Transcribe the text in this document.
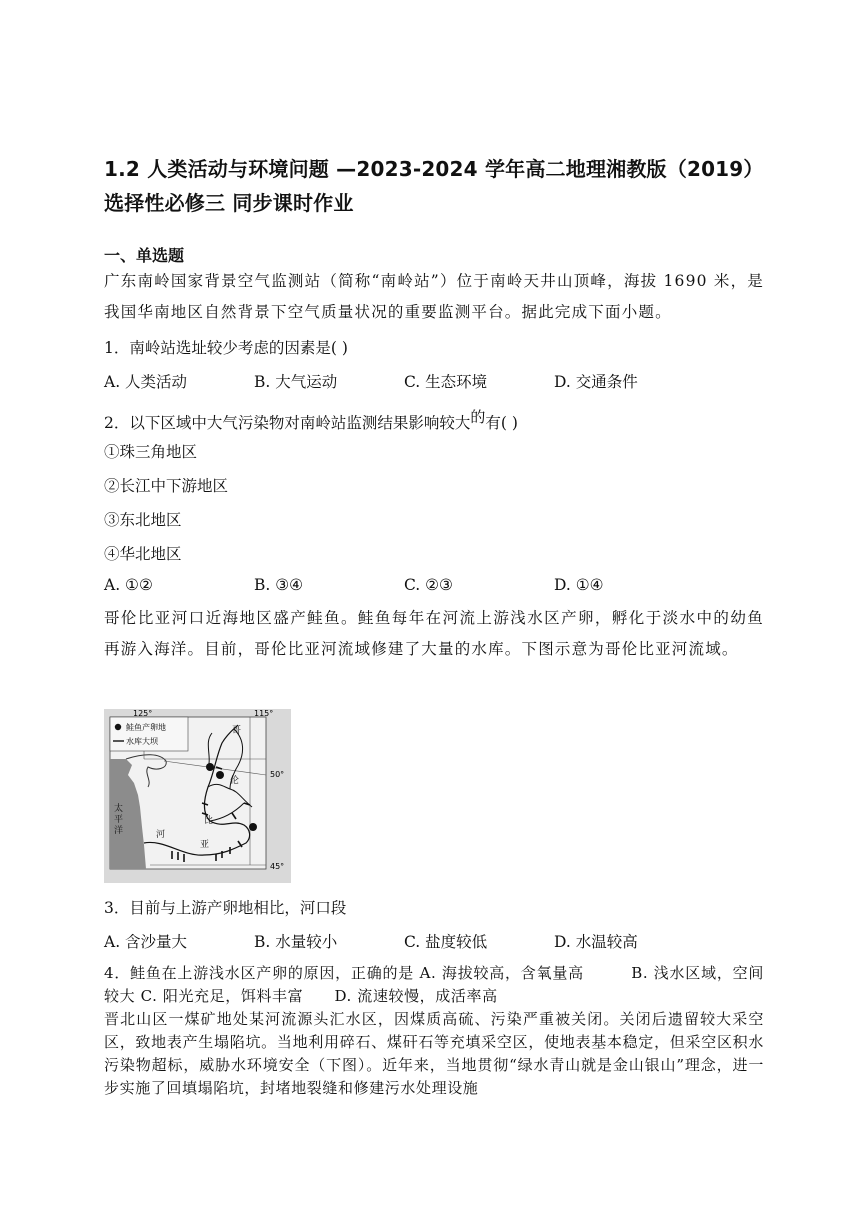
1.2 人类活动与环境问题 —2023-2024 学年高二地理湘教版（2019）选择性必修三 同步课时作业
一、单选题
广东南岭国家背景空气监测站（简称“南岭站”）位于南岭天井山顶峰，海拔 1690 米，是我国华南地区自然背景下空气质量状况的重要监测平台。据此完成下面小题。
1．南岭站选址较少考虑的因素是( )
A. 人类活动	B. 大气运动	C. 生态环境	D. 交通条件
2．以下区域中大气污染物对南岭站监测结果影响较大$^的$有( )
①珠三角地区
②长江中下游地区
③东北地区
④华北地区
A. ①②	B. ③④	C. ②③	D. ①④
哥伦比亚河口近海地区盛产鲑鱼。鲑鱼每年在河流上游浅水区产卵，孵化于淡水中的幼鱼再游入海洋。目前，哥伦比亚河流域修建了大量的水库。下图示意为哥伦比亚河流域。
鲑鱼产卵地
水库大坝
125°	115°
50°
45°
太
平
洋
哥
伦
比
亚
河
3．目前与上游产卵地相比，河口段
A. 含沙量大	B. 水量较小	C. 盐度较低	D. 水温较高
4．鲑鱼在上游浅水区产卵的原因，正确的是 A. 海拔较高，含氧量高　　　B. 浅水区域，空间较大 C. 阳光充足，饵料丰富　　D. 流速较慢，成活率高
晋北山区一煤矿地处某河流源头汇水区，因煤质高硫、污染严重被关闭。关闭后遗留较大采空区，致地表产生塌陷坑。当地利用碎石、煤矸石等充填采空区，使地表基本稳定，但采空区积水污染物超标，威胁水环境安全（下图）。近年来，当地贯彻“绿水青山就是金山银山”理念，进一步实施了回填塌陷坑，封堵地裂缝和修建污水处理设施
